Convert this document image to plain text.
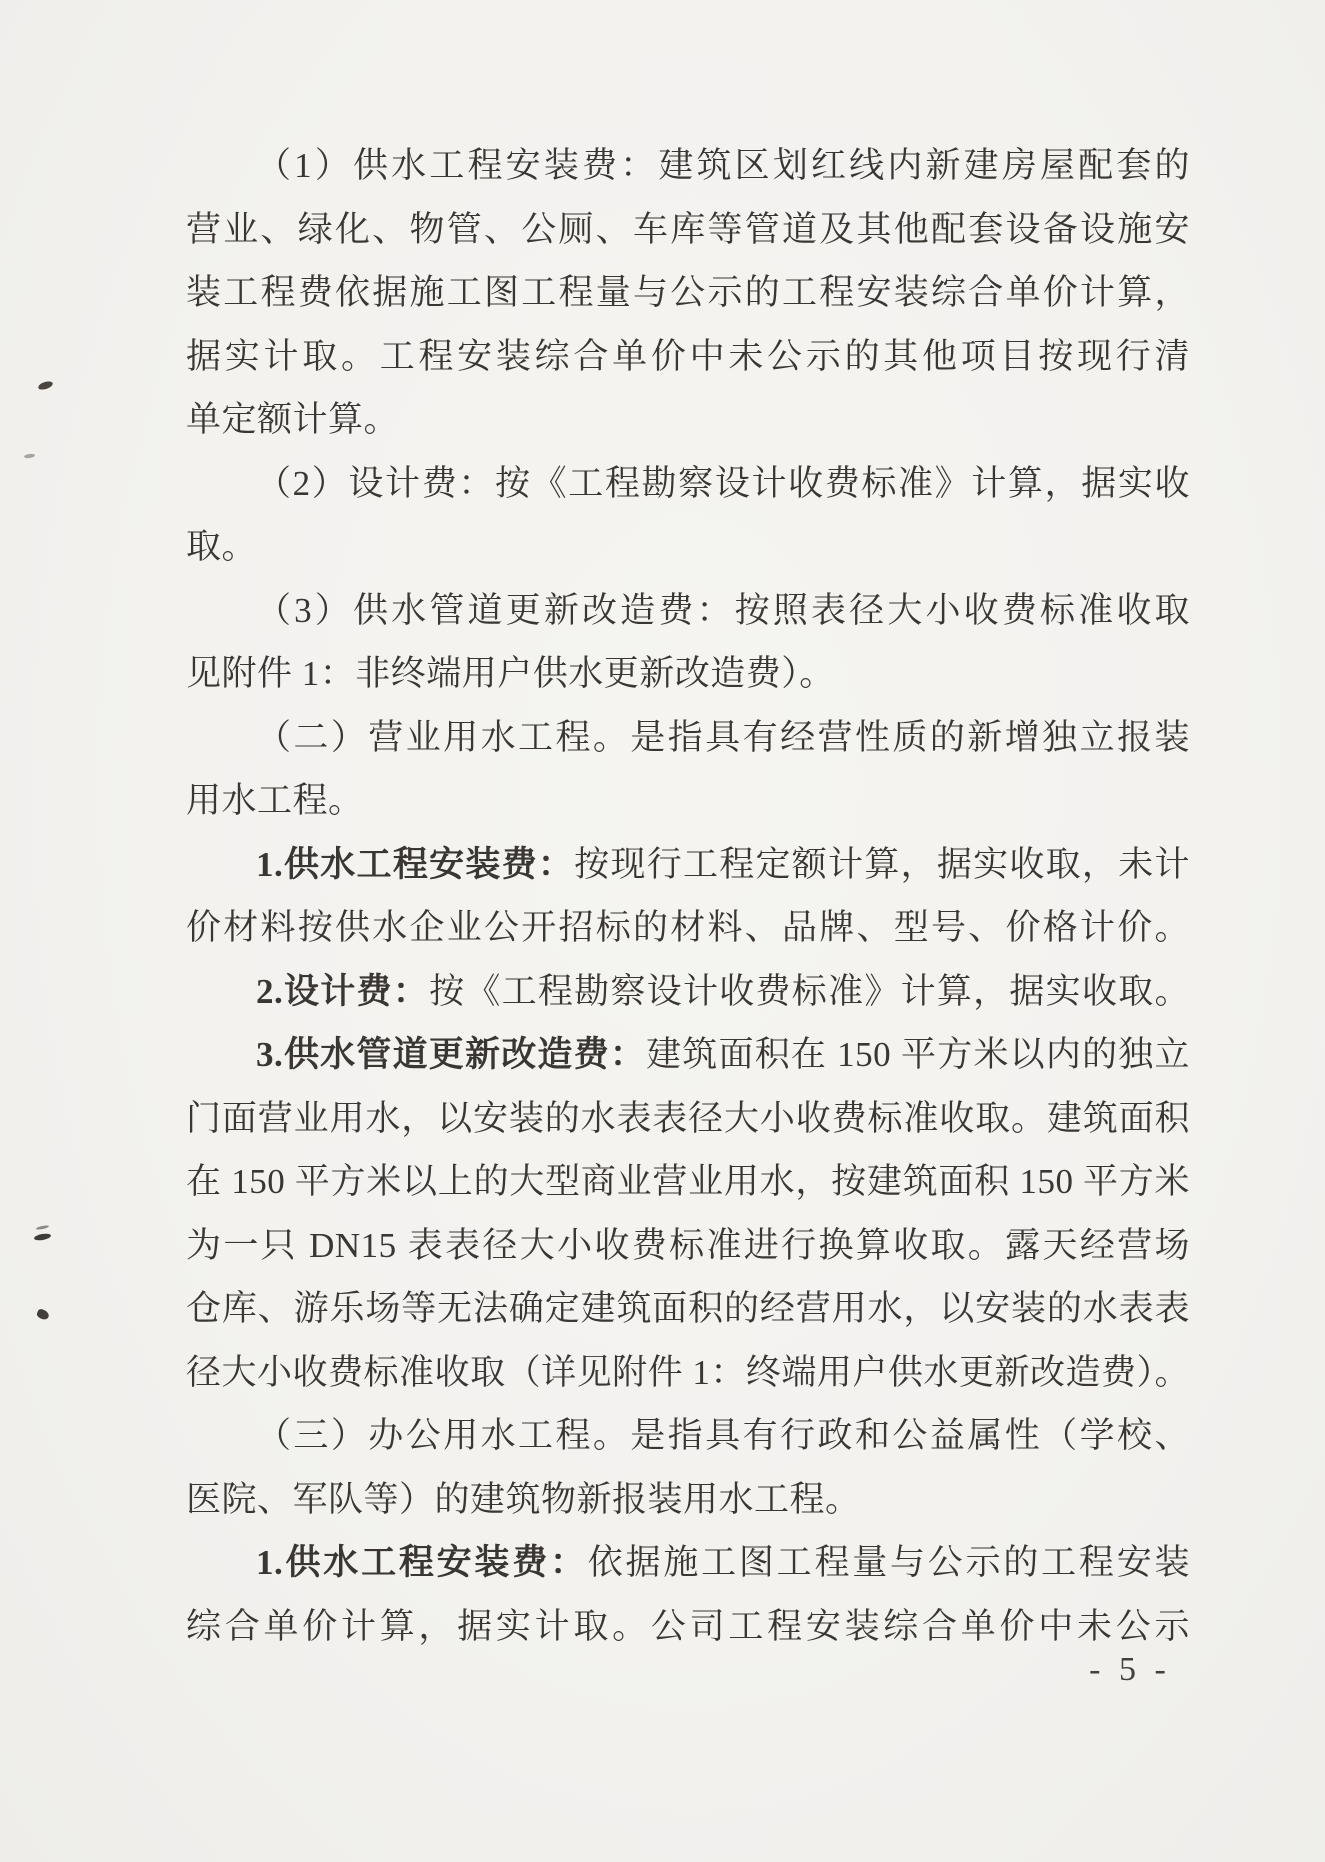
（1）供水工程安装费：建筑区划红线内新建房屋配套的
营业、绿化、物管、公厕、车库等管道及其他配套设备设施安
装工程费依据施工图工程量与公示的工程安装综合单价计算，
据实计取。工程安装综合单价中未公示的其他项目按现行清
单定额计算。
（2）设计费：按《工程勘察设计收费标准》计算，据实收
取。
（3）供水管道更新改造费：按照表径大小收费标准收取
见附件 1：非终端用户供水更新改造费）。
（二）营业用水工程。是指具有经营性质的新增独立报装
用水工程。
1.供水工程安装费：按现行工程定额计算，据实收取，未计
价材料按供水企业公开招标的材料、品牌、型号、价格计价。
2.设计费：按《工程勘察设计收费标准》计算，据实收取。
3.供水管道更新改造费：建筑面积在 150 平方米以内的独立
门面营业用水，以安装的水表表径大小收费标准收取。建筑面积
在 150 平方米以上的大型商业营业用水，按建筑面积 150 平方米
为一只 DN15 表表径大小收费标准进行换算收取。露天经营场
仓库、游乐场等无法确定建筑面积的经营用水，以安装的水表表
径大小收费标准收取（详见附件 1：终端用户供水更新改造费）。
（三）办公用水工程。是指具有行政和公益属性（学校、
医院、军队等）的建筑物新报装用水工程。
1.供水工程安装费：依据施工图工程量与公示的工程安装
综合单价计算，据实计取。公司工程安装综合单价中未公示
- 5 -
